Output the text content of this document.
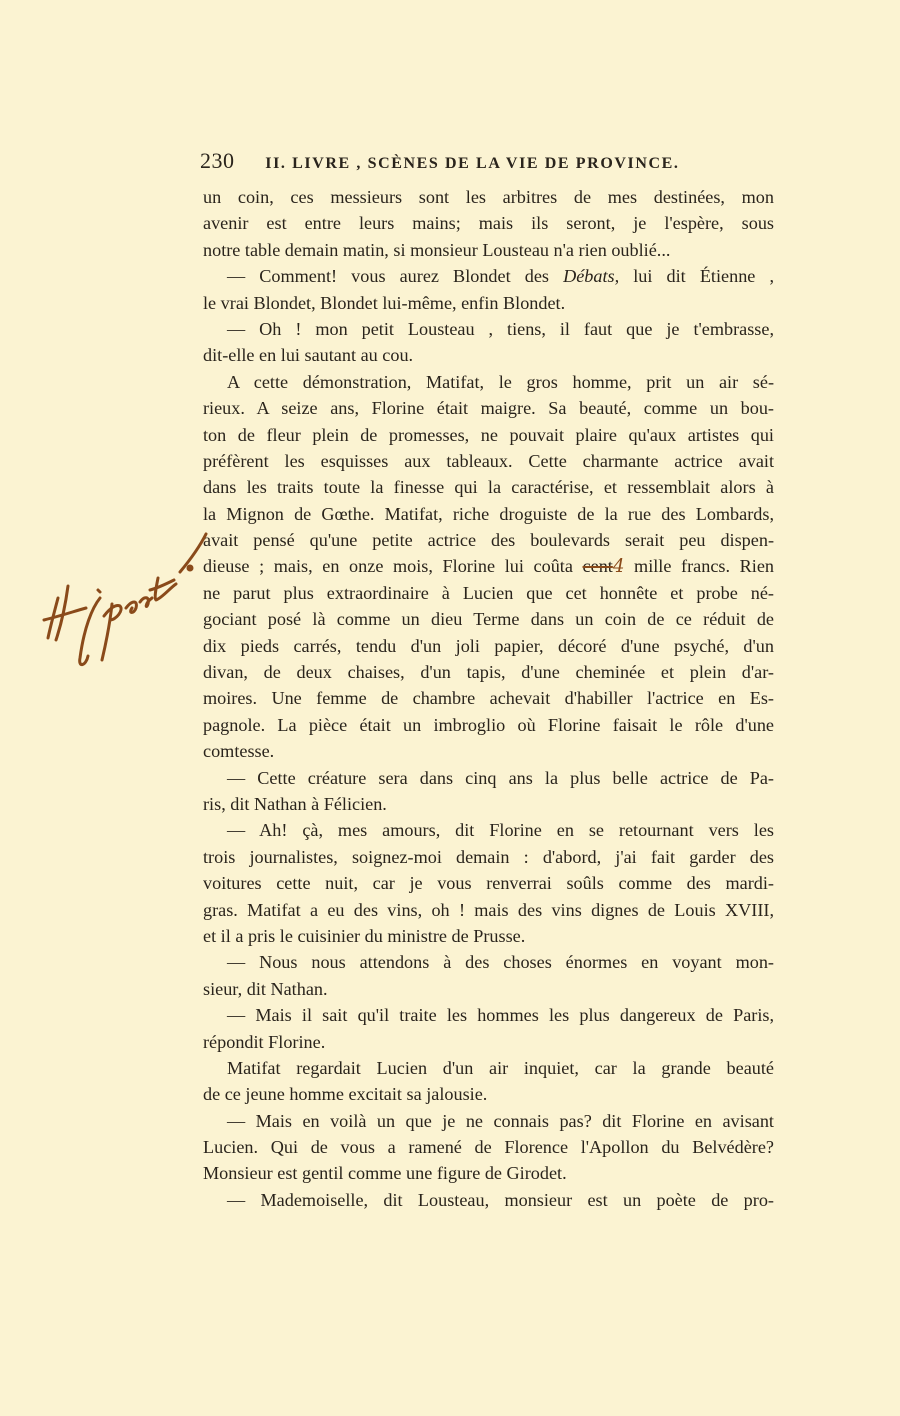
230 II. LIVRE , SCÈNES DE LA VIE DE PROVINCE.
un coin, ces messieurs sont les arbitres de mes destinées, mon
avenir est entre leurs mains; mais ils seront, je l'espère, sous
notre table demain matin, si monsieur Lousteau n'a rien oublié...
— Comment! vous aurez Blondet des Débats, lui dit Étienne ,
le vrai Blondet, Blondet lui-même, enfin Blondet.
— Oh ! mon petit Lousteau , tiens, il faut que je t'embrasse,
dit-elle en lui sautant au cou.
A cette démonstration, Matifat, le gros homme, prit un air sé-
rieux. A seize ans, Florine était maigre. Sa beauté, comme un bou-
ton de fleur plein de promesses, ne pouvait plaire qu'aux artistes qui
préfèrent les esquisses aux tableaux. Cette charmante actrice avait
dans les traits toute la finesse qui la caractérise, et ressemblait alors à
la Mignon de Gœthe. Matifat, riche droguiste de la rue des Lombards,
avait pensé qu'une petite actrice des boulevards serait peu dispen-
dieuse ; mais, en onze mois, Florine lui coûta cent4 mille francs. Rien
ne parut plus extraordinaire à Lucien que cet honnête et probe né-
gociant posé là comme un dieu Terme dans un coin de ce réduit de
dix pieds carrés, tendu d'un joli papier, décoré d'une psyché, d'un
divan, de deux chaises, d'un tapis, d'une cheminée et plein d'ar-
moires. Une femme de chambre achevait d'habiller l'actrice en Es-
pagnole. La pièce était un imbroglio où Florine faisait le rôle d'une
comtesse.
— Cette créature sera dans cinq ans la plus belle actrice de Pa-
ris, dit Nathan à Félicien.
— Ah! çà, mes amours, dit Florine en se retournant vers les
trois journalistes, soignez-moi demain : d'abord, j'ai fait garder des
voitures cette nuit, car je vous renverrai soûls comme des mardi-
gras. Matifat a eu des vins, oh ! mais des vins dignes de Louis XVIII,
et il a pris le cuisinier du ministre de Prusse.
— Nous nous attendons à des choses énormes en voyant mon-
sieur, dit Nathan.
— Mais il sait qu'il traite les hommes les plus dangereux de Paris,
répondit Florine.
Matifat regardait Lucien d'un air inquiet, car la grande beauté
de ce jeune homme excitait sa jalousie.
— Mais en voilà un que je ne connais pas? dit Florine en avisant
Lucien. Qui de vous a ramené de Florence l'Apollon du Belvédère?
Monsieur est gentil comme une figure de Girodet.
— Mademoiselle, dit Lousteau, monsieur est un poète de pro-
